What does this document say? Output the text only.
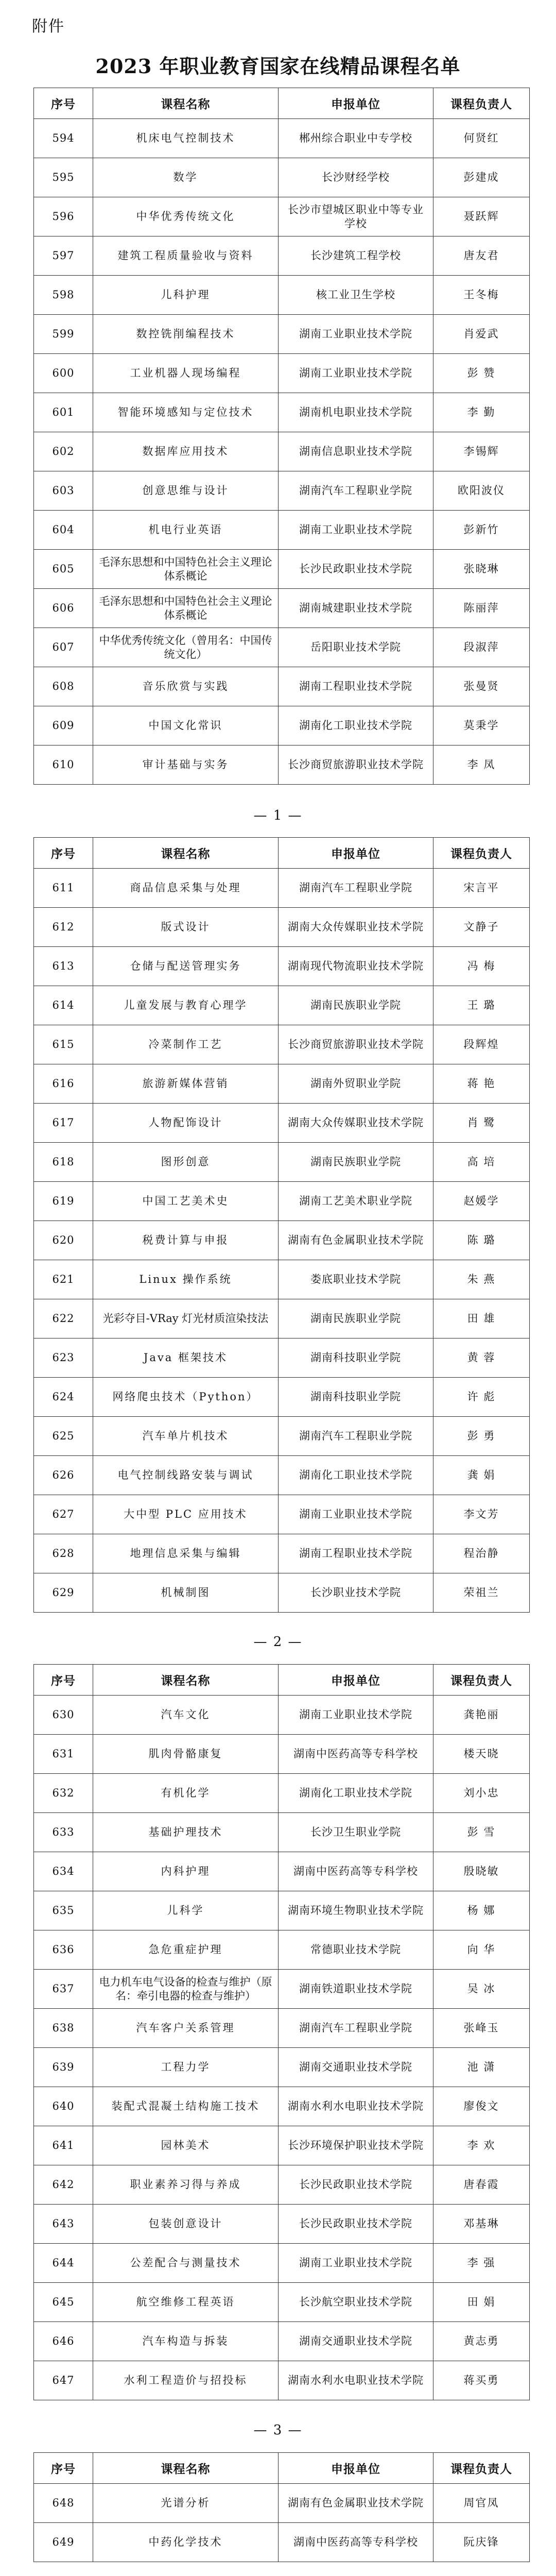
附件
2023 年职业教育国家在线精品课程名单
序号	课程名称	申报单位	课程负责人
594	机床电气控制技术	郴州综合职业中专学校	何贤红
595	数学	长沙财经学校	彭建成
596	中华优秀传统文化	长沙市望城区职业中等专业学校	聂跃辉
597	建筑工程质量验收与资料	长沙建筑工程学校	唐友君
598	儿科护理	核工业卫生学校	王冬梅
599	数控铣削编程技术	湖南工业职业技术学院	肖爱武
600	工业机器人现场编程	湖南工业职业技术学院	彭 赞
601	智能环境感知与定位技术	湖南机电职业技术学院	李 勤
602	数据库应用技术	湖南信息职业技术学院	李锡辉
603	创意思维与设计	湖南汽车工程职业学院	欧阳波仪
604	机电行业英语	湖南工业职业技术学院	彭新竹
605	毛泽东思想和中国特色社会主义理论体系概论	长沙民政职业技术学院	张晓琳
606	毛泽东思想和中国特色社会主义理论体系概论	湖南城建职业技术学院	陈丽萍
607	中华优秀传统文化（曾用名：中国传统文化）	岳阳职业技术学院	段淑萍
608	音乐欣赏与实践	湖南工程职业技术学院	张曼贤
609	中国文化常识	湖南化工职业技术学院	莫秉学
610	审计基础与实务	长沙商贸旅游职业技术学院	李 凤
— 1 —
序号	课程名称	申报单位	课程负责人
611	商品信息采集与处理	湖南汽车工程职业学院	宋言平
612	版式设计	湖南大众传媒职业技术学院	文静子
613	仓储与配送管理实务	湖南现代物流职业技术学院	冯 梅
614	儿童发展与教育心理学	湖南民族职业学院	王 璐
615	冷菜制作工艺	长沙商贸旅游职业技术学院	段辉煌
616	旅游新媒体营销	湖南外贸职业学院	蒋 艳
617	人物配饰设计	湖南大众传媒职业技术学院	肖 鹭
618	图形创意	湖南民族职业学院	高 培
619	中国工艺美术史	湖南工艺美术职业学院	赵媛学
620	税费计算与申报	湖南有色金属职业技术学院	陈 璐
621	Linux 操作系统	娄底职业技术学院	朱 燕
622	光彩夺目-VRay 灯光材质渲染技法	湖南民族职业学院	田 雄
623	Java 框架技术	湖南科技职业学院	黄 蓉
624	网络爬虫技术（Python）	湖南科技职业学院	许 彪
625	汽车单片机技术	湖南汽车工程职业学院	彭 勇
626	电气控制线路安装与调试	湖南化工职业技术学院	龚 娟
627	大中型 PLC 应用技术	湖南工业职业技术学院	李文芳
628	地理信息采集与编辑	湖南工程职业技术学院	程治静
629	机械制图	长沙职业技术学院	荣祖兰
— 2 —
序号	课程名称	申报单位	课程负责人
630	汽车文化	湖南工业职业技术学院	龚艳丽
631	肌肉骨骼康复	湖南中医药高等专科学校	楼天晓
632	有机化学	湖南化工职业技术学院	刘小忠
633	基础护理技术	长沙卫生职业学院	彭 雪
634	内科护理	湖南中医药高等专科学校	殷晓敏
635	儿科学	湖南环境生物职业技术学院	杨 娜
636	急危重症护理	常德职业技术学院	向 华
637	电力机车电气设备的检查与维护（原名：牵引电器的检查与维护）	湖南铁道职业技术学院	吴 冰
638	汽车客户关系管理	湖南汽车工程职业学院	张峰玉
639	工程力学	湖南交通职业技术学院	池 潇
640	装配式混凝土结构施工技术	湖南水利水电职业技术学院	廖俊文
641	园林美术	长沙环境保护职业技术学院	李 欢
642	职业素养习得与养成	长沙民政职业技术学院	唐春霞
643	包装创意设计	长沙民政职业技术学院	邓基琳
644	公差配合与测量技术	湖南工业职业技术学院	李 强
645	航空维修工程英语	长沙航空职业技术学院	田 娟
646	汽车构造与拆装	湖南交通职业技术学院	黄志勇
647	水利工程造价与招投标	湖南水利水电职业技术学院	蒋买勇
— 3 —
序号	课程名称	申报单位	课程负责人
648	光谱分析	湖南有色金属职业技术学院	周官凤
649	中药化学技术	湖南中医药高等专科学校	阮庆锋
